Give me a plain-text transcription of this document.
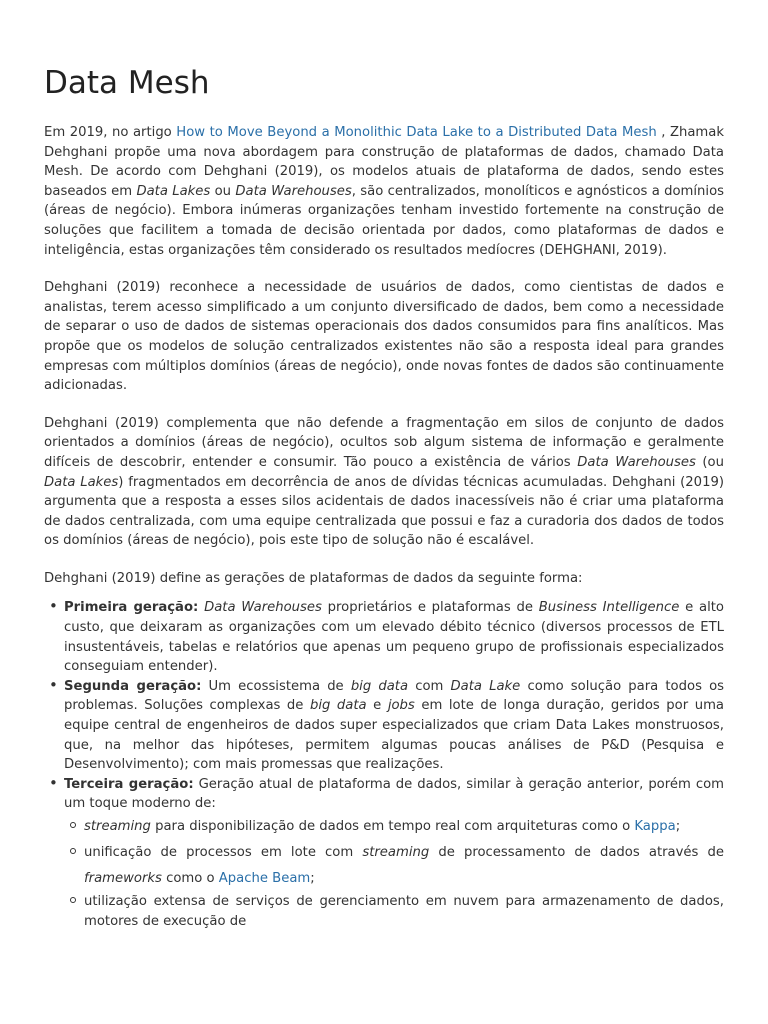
Data Mesh

Em 2019, no artigo How to Move Beyond a Monolithic Data Lake to a Distributed Data Mesh , Zhamak Dehghani propõe uma nova abordagem para construção de plataformas de dados, chamado Data Mesh. De acordo com Dehghani (2019), os modelos atuais de plataforma de dados, sendo estes baseados em Data Lakes ou Data Warehouses, são centralizados, monolíticos e agnósticos a domínios (áreas de negócio). Embora inúmeras organizações tenham investido fortemente na construção de soluções que facilitem a tomada de decisão orientada por dados, como plataformas de dados e inteligência, estas organizações têm considerado os resultados medíocres (DEHGHANI, 2019).

Dehghani (2019) reconhece a necessidade de usuários de dados, como cientistas de dados e analistas, terem acesso simplificado a um conjunto diversificado de dados, bem como a necessidade de separar o uso de dados de sistemas operacionais dos dados consumidos para fins analíticos. Mas propõe que os modelos de solução centralizados existentes não são a resposta ideal para grandes empresas com múltiplos domínios (áreas de negócio), onde novas fontes de dados são continuamente adicionadas.

Dehghani (2019) complementa que não defende a fragmentação em silos de conjunto de dados orientados a domínios (áreas de negócio), ocultos sob algum sistema de informação e geralmente difíceis de descobrir, entender e consumir. Tão pouco a existência de vários Data Warehouses (ou Data Lakes) fragmentados em decorrência de anos de dívidas técnicas acumuladas. Dehghani (2019) argumenta que a resposta a esses silos acidentais de dados inacessíveis não é criar uma plataforma de dados centralizada, com uma equipe centralizada que possui e faz a curadoria dos dados de todos os domínios (áreas de negócio), pois este tipo de solução não é escalável.

Dehghani (2019) define as gerações de plataformas de dados da seguinte forma:

• Primeira geração: Data Warehouses proprietários e plataformas de Business Intelligence e alto custo, que deixaram as organizações com um elevado débito técnico (diversos processos de ETL insustentáveis, tabelas e relatórios que apenas um pequeno grupo de profissionais especializados conseguiam entender).
• Segunda geração: Um ecossistema de big data com Data Lake como solução para todos os problemas. Soluções complexas de big data e jobs em lote de longa duração, geridos por uma equipe central de engenheiros de dados super especializados que criam Data Lakes monstruosos, que, na melhor das hipóteses, permitem algumas poucas análises de P&D (Pesquisa e Desenvolvimento); com mais promessas que realizações.
• Terceira geração: Geração atual de plataforma de dados, similar à geração anterior, porém com um toque moderno de:
streaming para disponibilização de dados em tempo real com arquiteturas como o Kappa;
unificação de processos em lote com streaming de processamento de dados através de frameworks como o Apache Beam;
utilização extensa de serviços de gerenciamento em nuvem para armazenamento de dados, motores de execução de
